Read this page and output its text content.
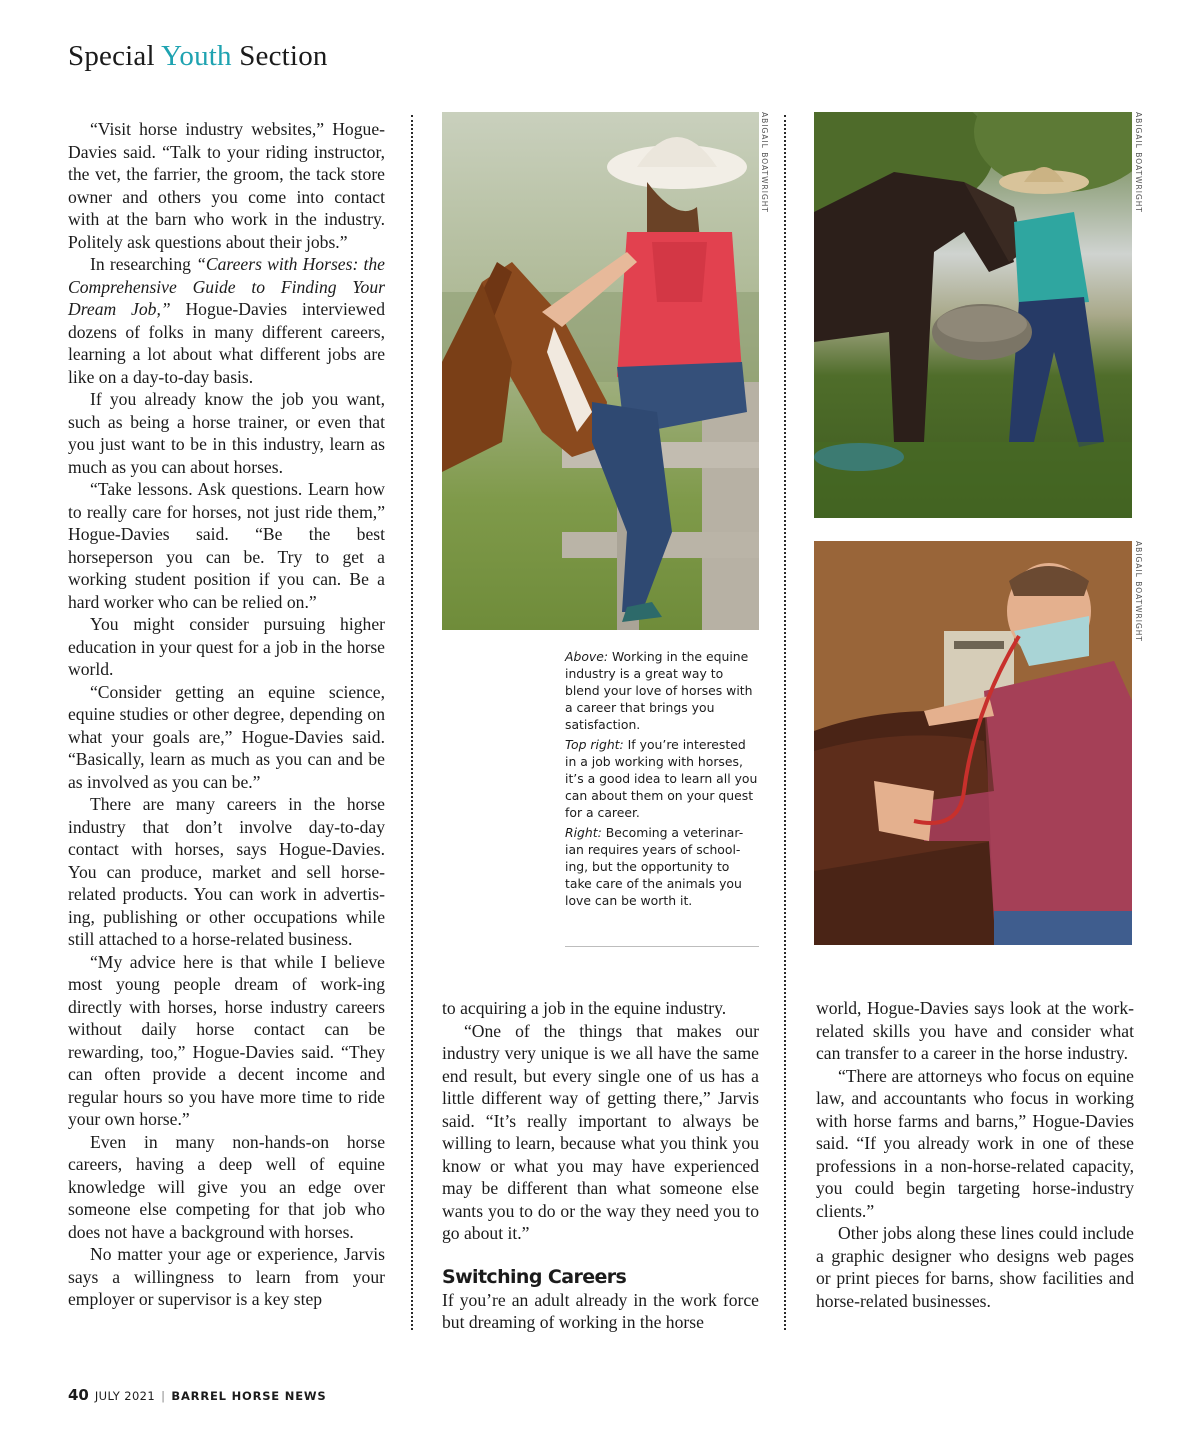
Special Youth Section

“Visit horse industry websites,” Hogue-Davies said. “Talk to your riding instructor, the vet, the farrier, the groom, the tack store owner and others you come into contact with at the barn who work in the industry. Politely ask questions about their jobs.”

In researching “Careers with Horses: the Comprehensive Guide to Finding Your Dream Job,” Hogue-Davies interviewed dozens of folks in many different careers, learning a lot about what different jobs are like on a day-to-day basis.

If you already know the job you want, such as being a horse trainer, or even that you just want to be in this industry, learn as much as you can about horses.

“Take lessons. Ask questions. Learn how to really care for horses, not just ride them,” Hogue-Davies said. “Be the best horseperson you can be. Try to get a working student position if you can. Be a hard worker who can be relied on.”

You might consider pursuing higher education in your quest for a job in the horse world.

“Consider getting an equine science, equine studies or other degree, depending on what your goals are,” Hogue-Davies said. “Basically, learn as much as you can and be as involved as you can be.”

There are many careers in the horse industry that don’t involve day-to-day contact with horses, says Hogue-Davies. You can produce, market and sell horse-related products. You can work in advertis-ing, publishing or other occupations while still attached to a horse-related business.

“My advice here is that while I believe most young people dream of work-ing directly with horses, horse industry careers without daily horse contact can be rewarding, too,” Hogue-Davies said. “They can often provide a decent income and regular hours so you have more time to ride your own horse.”

Even in many non-hands-on horse careers, having a deep well of equine knowledge will give you an edge over someone else competing for that job who does not have a background with horses.

No matter your age or experience, Jarvis says a willingness to learn from your employer or supervisor is a key step

ABIGAIL BOATWRIGHT	ABIGAIL BOATWRIGHT
ABIGAIL BOATWRIGHT

Above: Working in the equine industry is a great way to blend your love of horses with a career that brings you satisfaction.

Top right: If you’re interested in a job working with horses, it’s a good idea to learn all you can about them on your quest for a career.

Right: Becoming a veterinar-ian requires years of school-ing, but the opportunity to take care of the animals you love can be worth it.

to acquiring a job in the equine industry.

“One of the things that makes our industry very unique is we all have the same end result, but every single one of us has a little different way of getting there,” Jarvis said. “It’s really important to always be willing to learn, because what you think you know or what you may have experienced may be different than what someone else wants you to do or the way they need you to go about it.”

Switching Careers

If you’re an adult already in the work force but dreaming of working in the horse

world, Hogue-Davies says look at the work-related skills you have and consider what can transfer to a career in the horse industry.

“There are attorneys who focus on equine law, and accountants who focus in working with horse farms and barns,” Hogue-Davies said. “If you already work in one of these professions in a non-horse-related capacity, you could begin targeting horse-industry clients.”

Other jobs along these lines could include a graphic designer who designs web pages or print pieces for barns, show facilities and horse-related businesses.

40 JULY 2021 | BARREL HORSE NEWS
